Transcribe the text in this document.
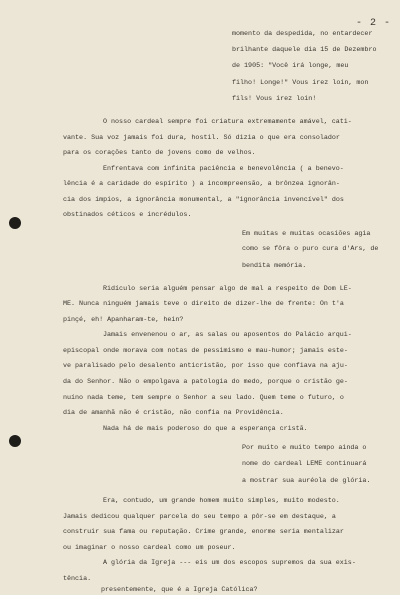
- 2 -
momento da despedida, no entardecer
brilhante daquele dia 15 de Dezembro
de 1905: "Você irá longe, meu
filho! Longe!" Vous irez loin, mon
fils! Vous irez loin!
O nosso cardeal sempre foi criatura extremamente amável, cati-
vante. Sua voz jamais foi dura, hostil. Só dizia o que era consolador
para os corações tanto de jovens como de velhos.
Enfrentava com infinita paciência e benevolência ( a benevo-
lência é a caridade do espírito ) a incompreensão, a brônzea ignorân-
cia dos ímpios, a ignorância monumental, a "ignorância invencível" dos
obstinados céticos e incrédulos.
Em muitas e muitas ocasiões agia
como se fôra o puro cura d'Ars, de
bendita memória.
Ridículo seria alguém pensar algo de mal a respeito de Dom LE-
ME. Nunca ninguém jamais teve o direito de dizer-lhe de frente: On t'a
pinçé, eh! Apanharam-te, hein?
Jamais envenenou o ar, as salas ou aposentos do Palácio arqui-
episcopal onde morava com notas de pessimismo e mau-humor; jamais este-
ve paralisado pelo desalento anticristão, por isso que confiava na aju-
da do Senhor. Não o empolgava a patologia do medo, porque o cristão ge-
nuíno nada teme, tem sempre o Senhor a seu lado. Quem teme o futuro, o
dia de amanhã não é cristão, não confia na Providência.
Nada há de mais poderoso do que a esperança cristã.
Por muito e muito tempo ainda o
nome do cardeal LEME continuará
a mostrar sua auréola de glória.
Era, contudo, um grande homem muito simples, muito modesto.
Jamais dedicou qualquer parcela do seu tempo a pôr-se em destaque, a
construir sua fama ou reputação. Crime grande, enorme seria mentalizar
ou imaginar o nosso cardeal como um poseur.
A glória da Igreja --- eis um dos escopos supremos da sua exis-
tência.
presentemente, que é a Igreja Católica?
